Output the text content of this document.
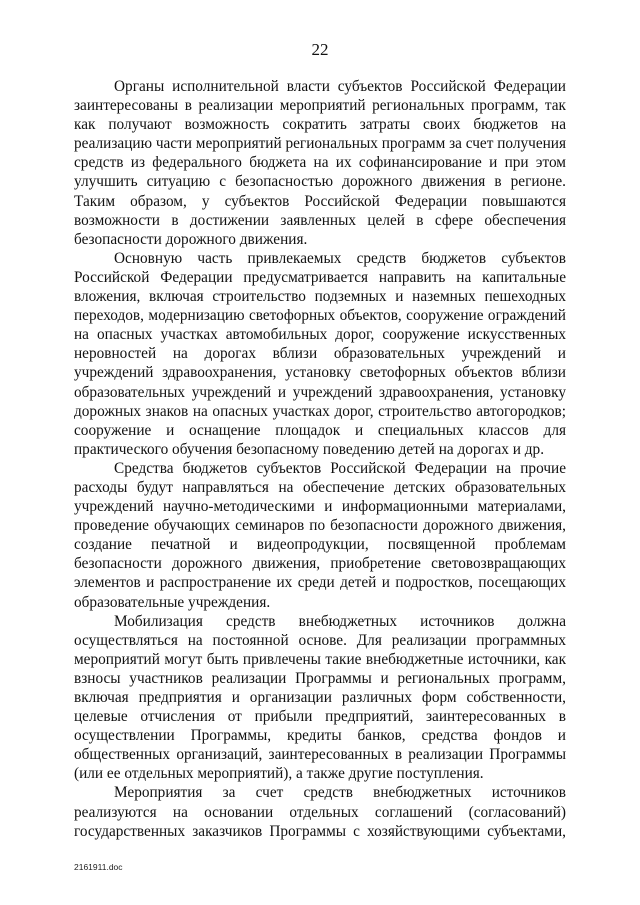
22
Органы исполнительной власти субъектов Российской Федерации
заинтересованы в реализации мероприятий региональных программ, так
как получают возможность сократить затраты своих бюджетов на
реализацию части мероприятий региональных программ за счет получения
средств из федерального бюджета на их софинансирование и при этом
улучшить ситуацию с безопасностью дорожного движения в регионе.
Таким образом, у субъектов Российской Федерации повышаются
возможности в достижении заявленных целей в сфере обеспечения
безопасности дорожного движения.
Основную часть привлекаемых средств бюджетов субъектов
Российской Федерации предусматривается направить на капитальные
вложения, включая строительство подземных и наземных пешеходных
переходов, модернизацию светофорных объектов, сооружение ограждений
на опасных участках автомобильных дорог, сооружение искусственных
неровностей на дорогах вблизи образовательных учреждений и
учреждений здравоохранения, установку светофорных объектов вблизи
образовательных учреждений и учреждений здравоохранения, установку
дорожных знаков на опасных участках дорог, строительство автогородков;
сооружение и оснащение площадок и специальных классов для
практического обучения безопасному поведению детей на дорогах и др.
Средства бюджетов субъектов Российской Федерации на прочие
расходы будут направляться на обеспечение детских образовательных
учреждений научно-методическими и информационными материалами,
проведение обучающих семинаров по безопасности дорожного движения,
создание печатной и видеопродукции, посвященной проблемам
безопасности дорожного движения, приобретение световозвращающих
элементов и распространение их среди детей и подростков, посещающих
образовательные учреждения.
Мобилизация средств внебюджетных источников должна
осуществляться на постоянной основе. Для реализации программных
мероприятий могут быть привлечены такие внебюджетные источники, как
взносы участников реализации Программы и региональных программ,
включая предприятия и организации различных форм собственности,
целевые отчисления от прибыли предприятий, заинтересованных в
осуществлении Программы, кредиты банков, средства фондов и
общественных организаций, заинтересованных в реализации Программы
(или ее отдельных мероприятий), а также другие поступления.
Мероприятия за счет средств внебюджетных источников
реализуются на основании отдельных соглашений (согласований)
государственных заказчиков Программы с хозяйствующими субъектами,
2161911.doc
